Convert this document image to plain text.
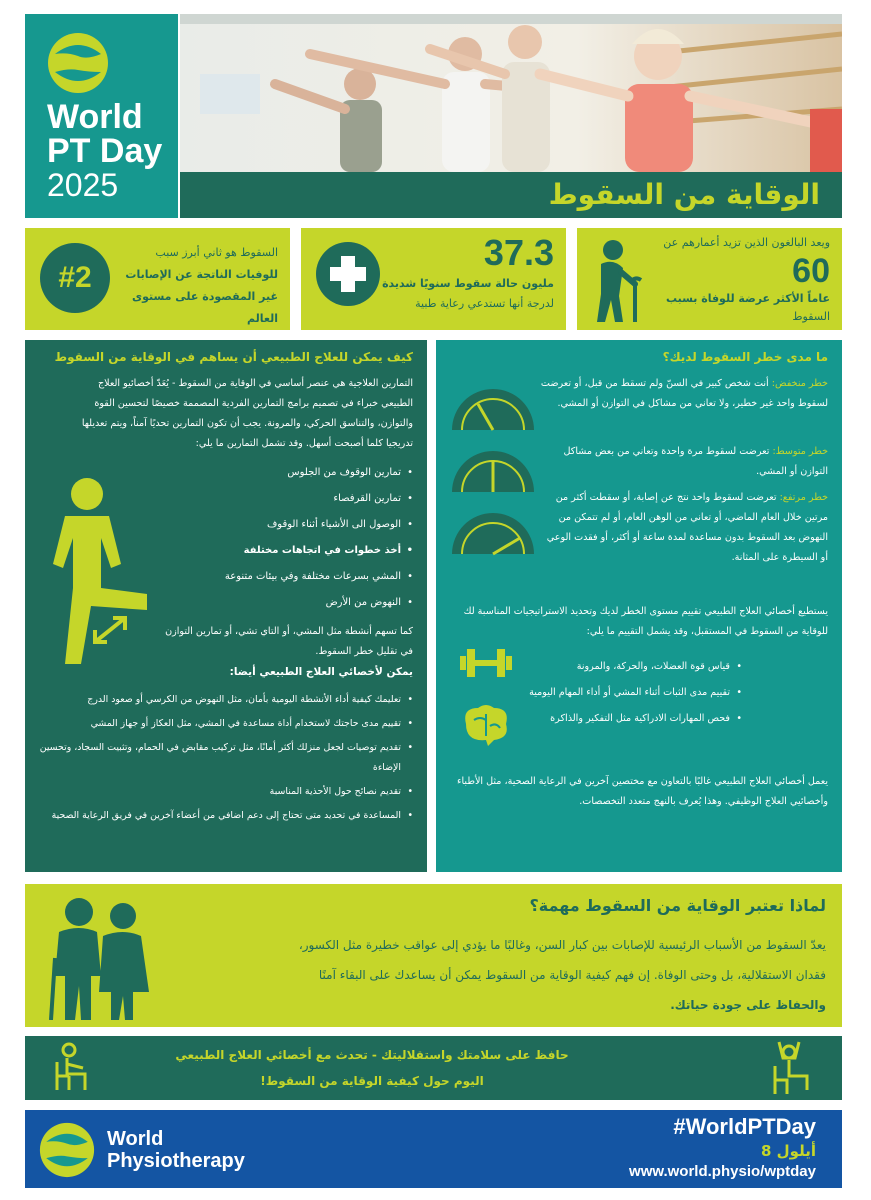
World
PT Day
2025	الوقاية من السقوط
#2
السقوط هو ثاني أبرز سبب
للوفيات الناتجة عن الإصابات
غير المقصودة على مستوى العالم
37.3
مليون حالة سقوط سنويًا شديدة
لدرجة أنها تستدعي رعاية طبية
ويعد البالغون الذين تزيد أعمارهم عن
60
عاماً الأكثر عرضة للوفاة بسبب
السقوط
كيف يمكن للعلاج الطبيعي أن يساهم في الوقاية من السقوط
التمارين العلاجية هي عنصر أساسي في الوقاية من السقوط - يُعَدّ أخصائيو العلاج
الطبيعي خبراء في تصميم برامج التمارين الفردية المصممة خصيصًا لتحسين القوة
والتوازن، والتناسق الحركي، والمرونة. يجب أن تكون التمارين تحديًا آمناً، ويتم تعديلها
تدريجيا كلما أصبحت أسهل. وقد تشمل التمارين ما يلي:
• تمارين الوقوف من الجلوس
• تمارين القرفصاء
• الوصول الى الأشياء أثناء الوقوف
• أخذ خطوات في اتجاهات مختلفة
• المشي بسرعات مختلفة وفي بيئات متنوعة
• النهوض من الأرض
كما تسهم أنشطة مثل المشي، أو التاي تشي، أو تمارين التوازن
في تقليل خطر السقوط.
يمكن لأخصائي العلاج الطبيعي أيضا:
• تعليمك كيفية أداء الأنشطة اليومية بأمان، مثل النهوض من الكرسي أو صعود الدرج
• تقييم مدى حاجتك لاستخدام أداة مساعدة في المشي، مثل العكاز أو جهاز المشي
• تقديم توصيات لجعل منزلك أكثر أمانًا، مثل تركيب مقابض في الحمام، وتثبيت السجاد، وتحسين الإضاءة
• تقديم نصائح حول الأحذية المناسبة
• المساعدة في تحديد متى تحتاج إلى دعم اضافي من أعضاء آخرين في فريق الرعاية الصحية
ما مدى خطر السقوط لديك؟
خطر منخفض: أنت شخص كبير في السنّ ولم تسقط من قبل، أو تعرضت لسقوط واحد غير خطير، ولا تعاني من مشاكل في التوازن أو المشي.
خطر متوسط: تعرضت لسقوط مرة واحدة وتعاني من بعض مشاكل التوازن أو المشي.
خطر مرتفع: تعرضت لسقوط واحد نتج عن إصابة، أو سقطت أكثر من مرتين خلال العام الماضي، أو تعاني من الوهن العام، أو لم تتمكن من النهوض بعد السقوط بدون مساعدة لمدة ساعة أو أكثر، أو فقدت الوعي أو السيطرة على المثانة.
يستطيع أخصائي العلاج الطبيعي تقييم مستوى الخطر لديك وتحديد الاستراتيجيات المناسبة لك للوقاية من السقوط في المستقبل، وقد يشمل التقييم ما يلي:
• قياس قوة العضلات، والحركة، والمرونة
• تقييم مدى الثبات أثناء المشي أو أداء المهام اليومية
• فحص المهارات الادراكية مثل التفكير والذاكرة
يعمل أخصائي العلاج الطبيعي غالبًا بالتعاون مع مختصين آخرين في الرعاية الصحية، مثل الأطباء وأخصائيي العلاج الوظيفي. وهذا يُعرف بالنهج متعدد التخصصات.
لماذا تعتبر الوقاية من السقوط مهمة؟
يعدّ السقوط من الأسباب الرئيسية للإصابات بين كبار السن، وغالبًا ما يؤدي إلى عواقب خطيرة مثل الكسور،
فقدان الاستقلالية، بل وحتى الوفاة. إن فهم كيفية الوقاية من السقوط يمكن أن يساعدك على البقاء آمنًا
والحفاظ على جودة حياتك.
حافظ على سلامتك واستقلاليتك - تحدث مع أخصائي العلاج الطبيعي
اليوم حول كيفية الوقاية من السقوط!
World
Physiotherapy
#WorldPTDay
8 أيلول
www.world.physio/wptday
